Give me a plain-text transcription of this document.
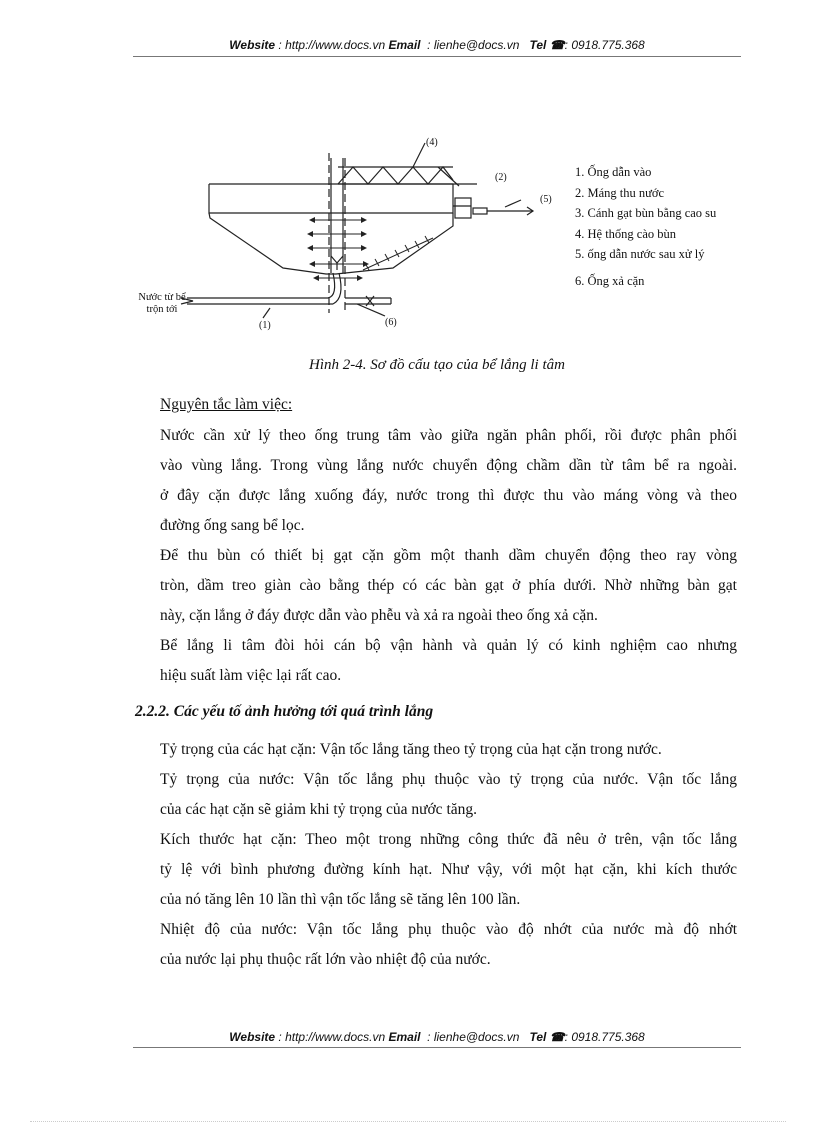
Website : http://www.docs.vn Email  : lienhe@docs.vn Tel ☎: 0918.775.368
(4)
(2)
(5)
(1)	(6)
Nước từ bể
trộn tới
1. Ống dẫn vào
2. Máng thu nước
3. Cánh gạt bùn bằng cao su
4. Hệ thống cào bùn
5. ống dẫn nước sau xử lý
6. Ống xả cặn
Hình 2-4. Sơ đồ cấu tạo của bể lắng li tâm
Nguyên tắc làm việc:

Nước cần xử lý theo ống trung tâm vào giữa ngăn phân phối, rồi được phân phối
vào vùng lắng. Trong vùng lắng nước chuyển động chầm dần từ tâm bể ra ngoài.
ở đây cặn được lắng xuống đáy, nước trong thì được thu vào máng vòng và theo
đường ống sang bể lọc.

Để thu bùn có thiết bị gạt cặn gồm một thanh dầm chuyển động theo ray vòng
tròn, dầm treo giàn cào bằng thép có các bàn gạt ở phía dưới. Nhờ những bàn gạt
này, cặn lắng ở đáy được dẫn vào phễu và xả ra ngoài theo ống xả cặn.

Bể lắng li tâm đòi hỏi cán bộ vận hành và quản lý có kinh nghiệm cao nhưng
hiệu suất làm việc lại rất cao.

2.2.2. Các yếu tố ảnh hưởng tới quá trình lắng

Tỷ trọng của các hạt cặn: Vận tốc lắng tăng theo tỷ trọng của hạt cặn trong nước.

Tỷ trọng của nước: Vận tốc lắng phụ thuộc vào tỷ trọng của nước. Vận tốc lắng
của các hạt cặn sẽ giảm khi tỷ trọng của nước tăng.

Kích thước hạt cặn: Theo một trong những công thức đã nêu ở trên, vận tốc lắng
tỷ lệ với bình phương đường kính hạt. Như vậy, với một hạt cặn, khi kích thước
của nó tăng lên 10 lần thì vận tốc lắng sẽ tăng lên 100 lần.

Nhiệt độ của nước: Vận tốc lắng phụ thuộc vào độ nhớt của nước mà độ nhớt
của nước lại phụ thuộc rất lớn vào nhiệt độ của nước.

Website : http://www.docs.vn Email  : lienhe@docs.vn Tel ☎: 0918.775.368
